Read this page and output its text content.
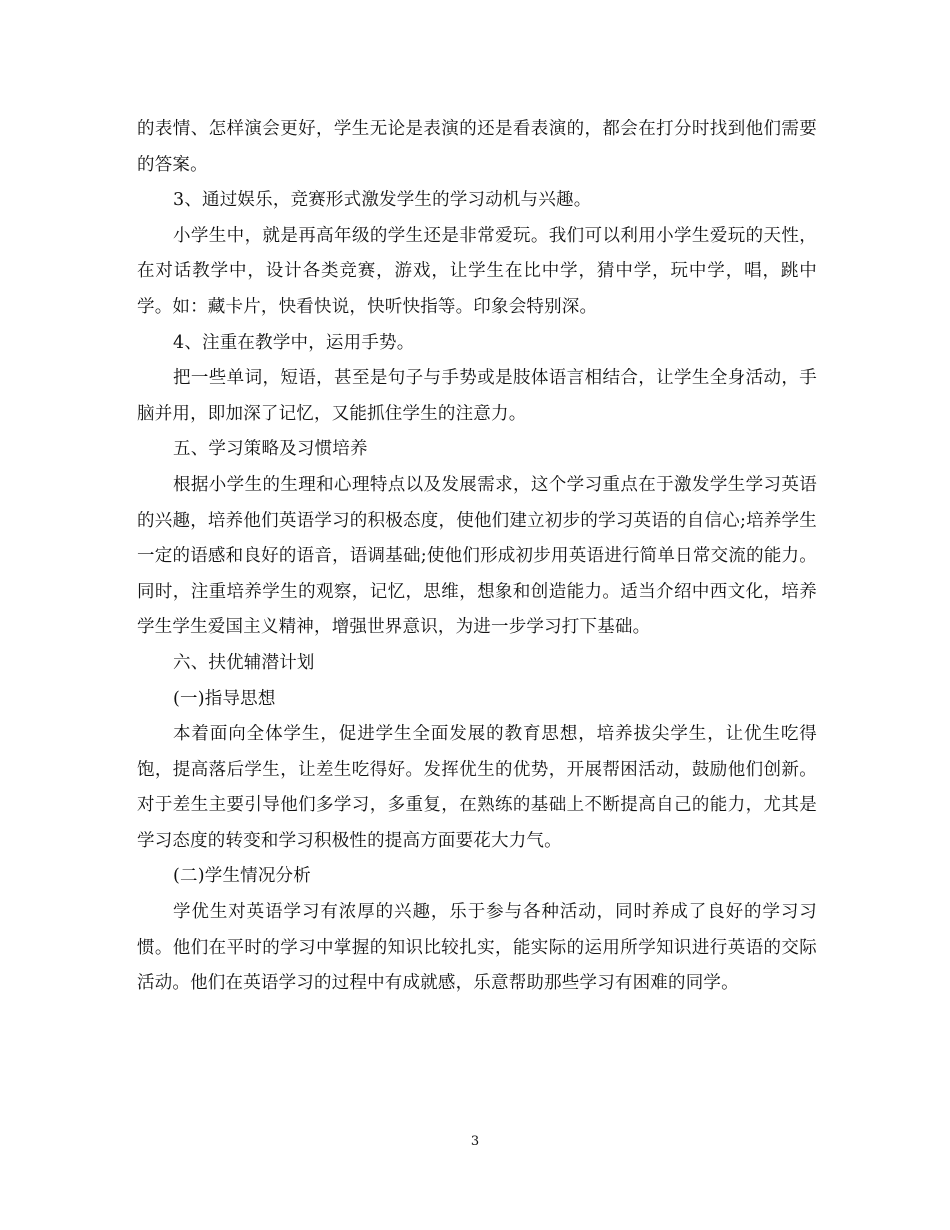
的表情、怎样演会更好，学生无论是表演的还是看表演的，都会在打分时找到他们需要的答案。

3、通过娱乐，竞赛形式激发学生的学习动机与兴趣。

小学生中，就是再高年级的学生还是非常爱玩。我们可以利用小学生爱玩的天性，在对话教学中，设计各类竞赛，游戏，让学生在比中学，猜中学，玩中学，唱，跳中学。如：藏卡片，快看快说，快听快指等。印象会特别深。

4、注重在教学中，运用手势。

把一些单词，短语，甚至是句子与手势或是肢体语言相结合，让学生全身活动，手脑并用，即加深了记忆，又能抓住学生的注意力。

五、学习策略及习惯培养

根据小学生的生理和心理特点以及发展需求，这个学习重点在于激发学生学习英语的兴趣，培养他们英语学习的积极态度，使他们建立初步的学习英语的自信心;培养学生一定的语感和良好的语音，语调基础;使他们形成初步用英语进行简单日常交流的能力。同时，注重培养学生的观察，记忆，思维，想象和创造能力。适当介绍中西文化，培养学生学生爱国主义精神，增强世界意识，为进一步学习打下基础。

六、扶优辅潜计划

(一)指导思想

本着面向全体学生，促进学生全面发展的教育思想，培养拔尖学生，让优生吃得饱，提高落后学生，让差生吃得好。发挥优生的优势，开展帮困活动，鼓励他们创新。对于差生主要引导他们多学习，多重复，在熟练的基础上不断提高自己的能力，尤其是学习态度的转变和学习积极性的提高方面要花大力气。

(二)学生情况分析

学优生对英语学习有浓厚的兴趣，乐于参与各种活动，同时养成了良好的学习习惯。他们在平时的学习中掌握的知识比较扎实，能实际的运用所学知识进行英语的交际活动。他们在英语学习的过程中有成就感，乐意帮助那些学习有困难的同学。

3
